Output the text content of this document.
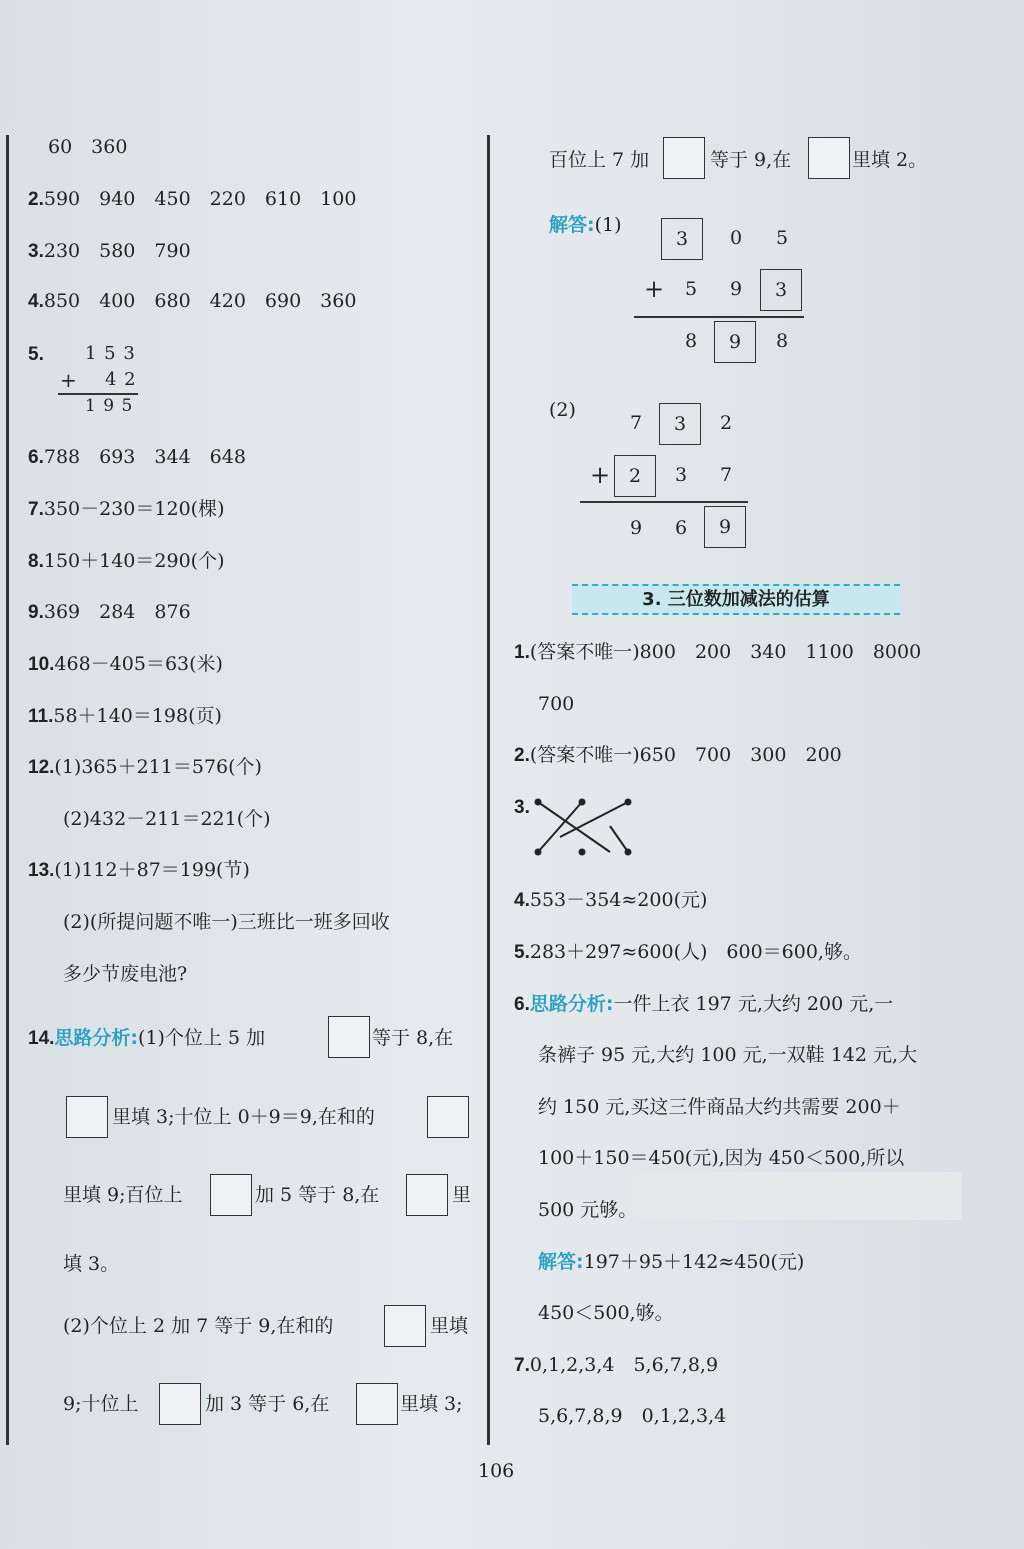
60　360
2.590　940　450　220　610　100
3.230　580　790
4.850　400　680　420　690　360
5. 1 5 3
+ 4 2
1 9 5
6.788　693　344　648
7.350－230＝120(棵)
8.150＋140＝290(个)
9.369　284　876
10.468－405＝63(米)
11.58＋140＝198(页)
12.(1)365＋211＝576(个)
(2)432－211＝221(个)
13.(1)112＋87＝199(节)
(2)(所提问题不唯一)三班比一班多回收
多少节废电池?
14.思路分析:(1)个位上 5 加	等于 8,在
里填 3;十位上 0＋9＝9,在和的
里填 9;百位上	加 5 等于 8,在	里
填 3。
(2)个位上 2 加 7 等于 9,在和的	里填
9;十位上	加 3 等于 6,在	里填 3;
百位上 7 加	等于 9,在	里填 2。
解答:(1)
3	0	5
+	5	9	3
8	9	8
(2)
7	3	2
+ 2	3	7
9	6	9
3. 三位数加减法的估算
1.(答案不唯一)800　200　340　1100　8000
700
2.(答案不唯一)650　700　300　200
3.
4.553－354≈200(元)
5.283＋297≈600(人)　600＝600,够。
6.思路分析:一件上衣 197 元,大约 200 元,一
条裤子 95 元,大约 100 元,一双鞋 142 元,大
约 150 元,买这三件商品大约共需要 200＋
100＋150＝450(元),因为 450＜500,所以
500 元够。
解答:197＋95＋142≈450(元)
450＜500,够。
7.0,1,2,3,4　5,6,7,8,9
5,6,7,8,9　0,1,2,3,4
106
